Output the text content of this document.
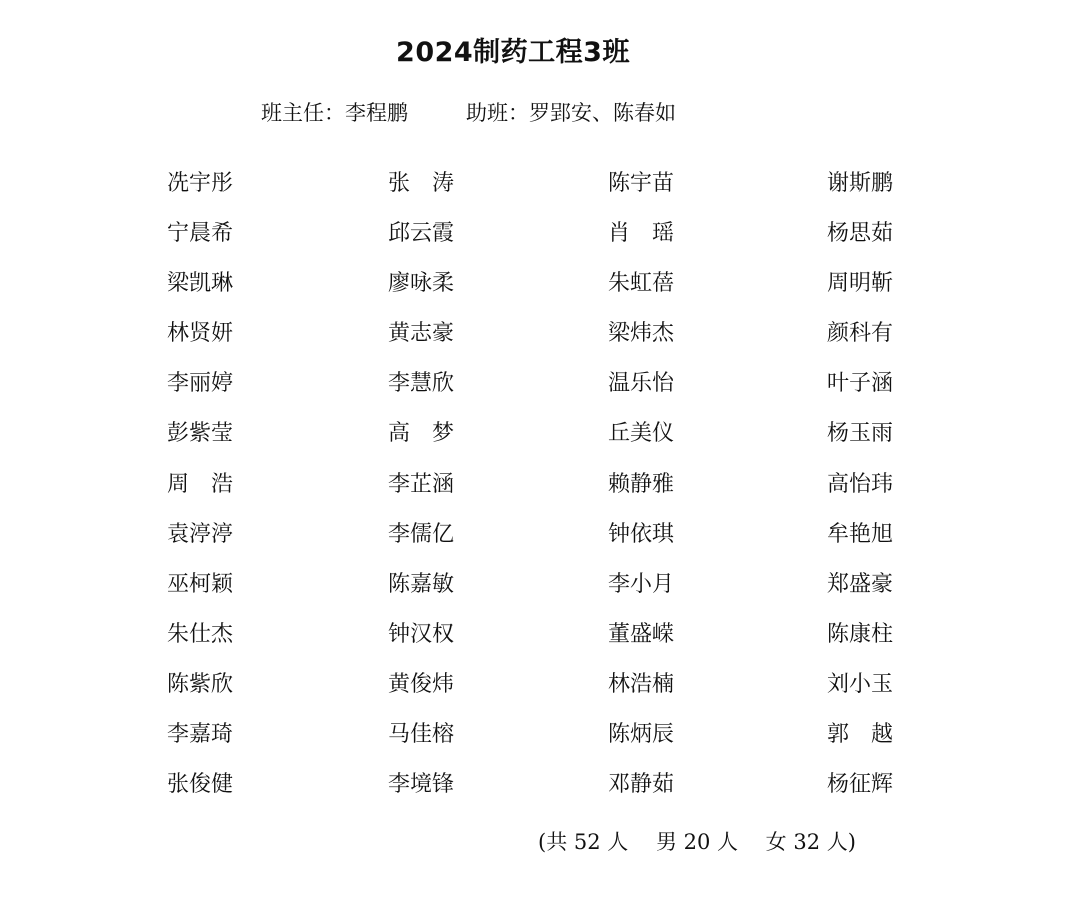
2024制药工程3班
班主任：李程鹏	助班：罗郢安、陈春如
冼宇彤	张　涛	陈宇苗	谢斯鹏
宁晨希	邱云霞	肖　瑶	杨思茹
梁凯琳	廖咏柔	朱虹蓓	周明靳
林贤妍	黄志豪	梁炜杰	颜科有
李丽婷	李慧欣	温乐怡	叶子涵
彭紫莹	高　梦	丘美仪	杨玉雨
周　浩	李芷涵	赖静雅	高怡玮
袁渟渟	李儒亿	钟依琪	牟艳旭
巫柯颖	陈嘉敏	李小月	郑盛豪
朱仕杰	钟汉权	董盛嵘	陈康柱
陈紫欣	黄俊炜	林浩楠	刘小玉
李嘉琦	马佳榕	陈炳辰	郭　越
张俊健	李境锋	邓静茹	杨征辉
(共 52 人　 男 20 人　 女 32 人)
